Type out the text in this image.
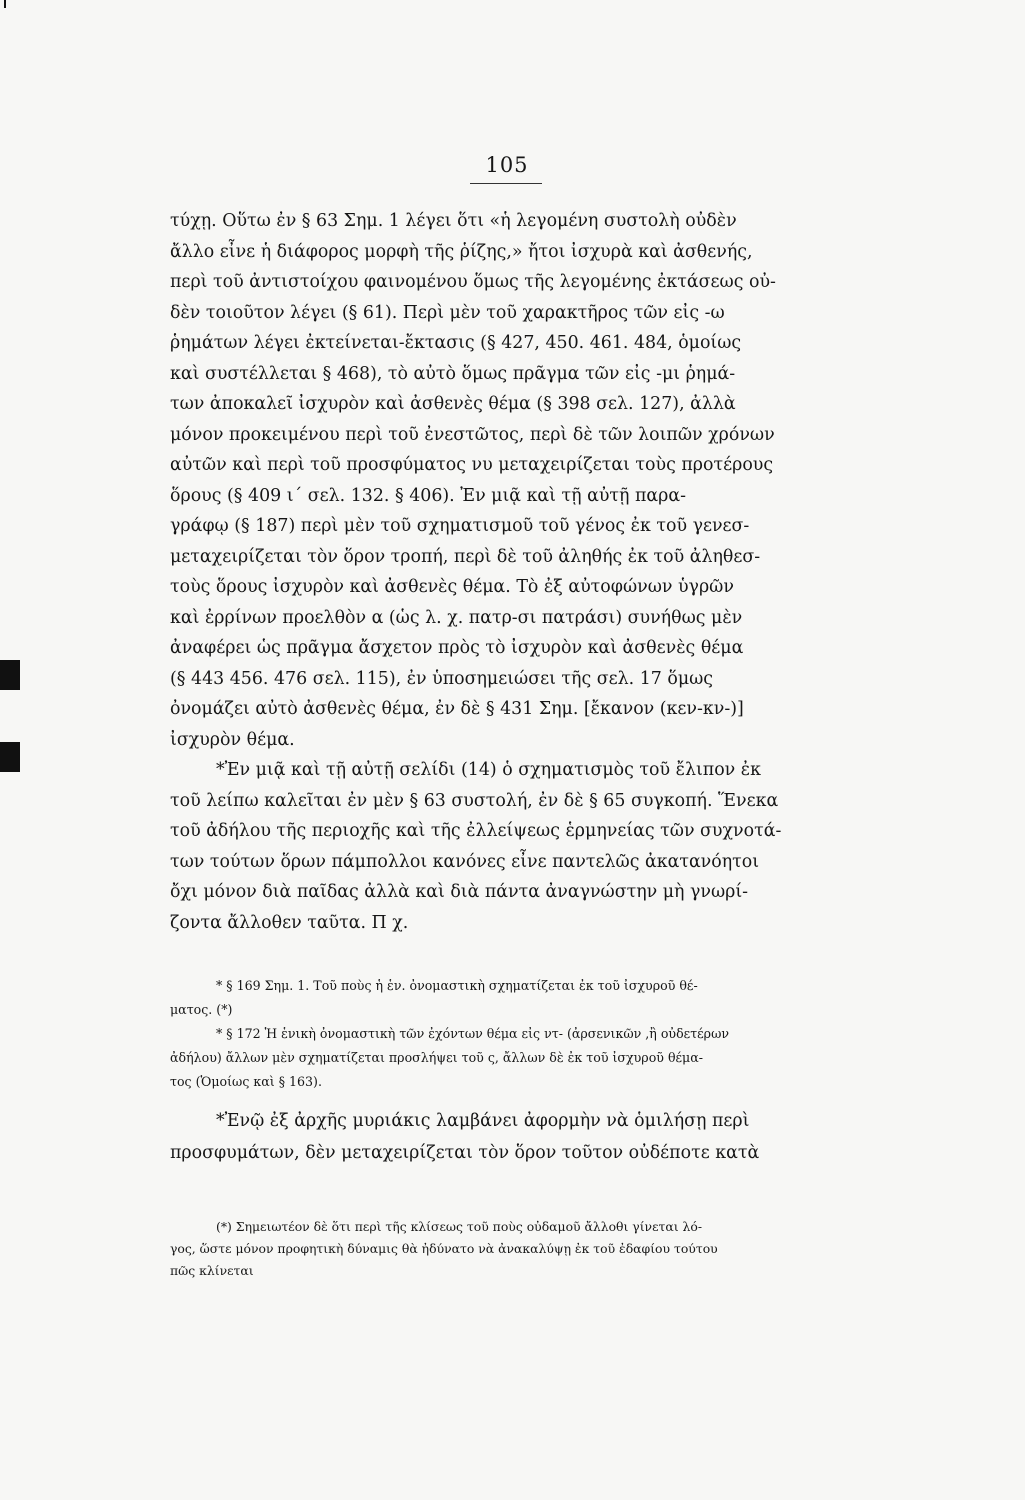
105
τύχῃ. Οὕτω ἐν § 63 Σημ. 1 λέγει ὅτι «ἡ λεγομένη συστολὴ οὐδὲν
ἄλλο εἶνε ἡ διάφορος μορφὴ τῆς ῥίζης,» ἤτοι ἰσχυρὰ καὶ ἀσθενής,
περὶ τοῦ ἀντιστοίχου φαινομένου ὅμως τῆς λεγομένης ἐκτάσεως οὐ-
δὲν τοιοῦτον λέγει (§ 61). Περὶ μὲν τοῦ χαρακτῆρος τῶν εἰς -ω
ῥημάτων λέγει ἐκτείνεται-ἔκτασις (§ 427, 450. 461. 484, ὁμοίως
καὶ συστέλλεται § 468), τὸ αὐτὸ ὅμως πρᾶγμα τῶν εἰς -μι ῥημά-
των ἀποκαλεῖ ἰσχυρὸν καὶ ἀσθενὲς θέμα (§ 398 σελ. 127), ἀλλὰ
μόνον προκειμένου περὶ τοῦ ἐνεστῶτος, περὶ δὲ τῶν λοιπῶν χρόνων
αὐτῶν καὶ περὶ τοῦ προσφύματος νυ μεταχειρίζεται τοὺς προτέρους
ὅρους (§ 409 ι΄ σελ. 132. § 406). Ἐν μιᾷ καὶ τῇ αὐτῇ παρα-
γράφῳ (§ 187) περὶ μὲν τοῦ σχηματισμοῦ τοῦ γένος ἐκ τοῦ γενεσ-
μεταχειρίζεται τὸν ὅρον τροπή, περὶ δὲ τοῦ ἀληθής ἐκ τοῦ ἀληθεσ-
τοὺς ὅρους ἰσχυρὸν καὶ ἀσθενὲς θέμα. Τὸ ἐξ αὐτοφώνων ὑγρῶν
καὶ ἐρρίνων προελθὸν α (ὡς λ. χ. πατρ-σι πατράσι) συνήθως μὲν
ἀναφέρει ὡς πρᾶγμα ἄσχετον πρὸς τὸ ἰσχυρὸν καὶ ἀσθενὲς θέμα
(§ 443 456. 476 σελ. 115), ἐν ὑποσημειώσει τῆς σελ. 17 ὅμως
ὀνομάζει αὐτὸ ἀσθενὲς θέμα, ἐν δὲ § 431 Σημ. [ἔκανον (κεν-κν-)]
ἰσχυρὸν θέμα.
*Ἐν μιᾷ καὶ τῇ αὐτῇ σελίδι (14) ὁ σχηματισμὸς τοῦ ἔλιπον ἐκ
τοῦ λείπω καλεῖται ἐν μὲν § 63 συστολή, ἐν δὲ § 65 συγκοπή. Ἕνεκα
τοῦ ἀδήλου τῆς περιοχῆς καὶ τῆς ἐλλείψεως ἑρμηνείας τῶν συχνοτά-
των τούτων ὅρων πάμπολλοι κανόνες εἶνε παντελῶς ἀκατανόητοι
ὄχι μόνον διὰ παῖδας ἀλλὰ καὶ διὰ πάντα ἀναγνώστην μὴ γνωρί-
ζοντα ἄλλοθεν ταῦτα. Π χ.
* § 169 Σημ. 1. Τοῦ ποὺς ἡ ἑν. ὀνομαστικὴ σχηματίζεται ἐκ τοῦ ἰσχυροῦ θέ-
ματος. (*)
* § 172 Ἡ ἑνικὴ ὀνομαστικὴ τῶν ἐχόντων θέμα εἰς ντ- (ἀρσενικῶν ,ἢ οὐδετέρων
ἀδήλου) ἄλλων μὲν σχηματίζεται προσλήψει τοῦ ς, ἄλλων δὲ ἐκ τοῦ ἰσχυροῦ θέμα-
τος (Ὁμοίως καὶ § 163).
*Ἐνῷ ἐξ ἀρχῆς μυριάκις λαμβάνει ἀφορμὴν νὰ ὁμιλήσῃ περὶ
προσφυμάτων, δὲν μεταχειρίζεται τὸν ὅρον τοῦτον οὐδέποτε κατὰ
(*) Σημειωτέον δὲ ὅτι περὶ τῆς κλίσεως τοῦ ποὺς οὐδαμοῦ ἄλλοθι γίνεται λό-
γος, ὥστε μόνον προφητικὴ δύναμις θὰ ἠδύνατο νὰ ἀνακαλύψῃ ἐκ τοῦ ἐδαφίου τούτου
πῶς κλίνεται
